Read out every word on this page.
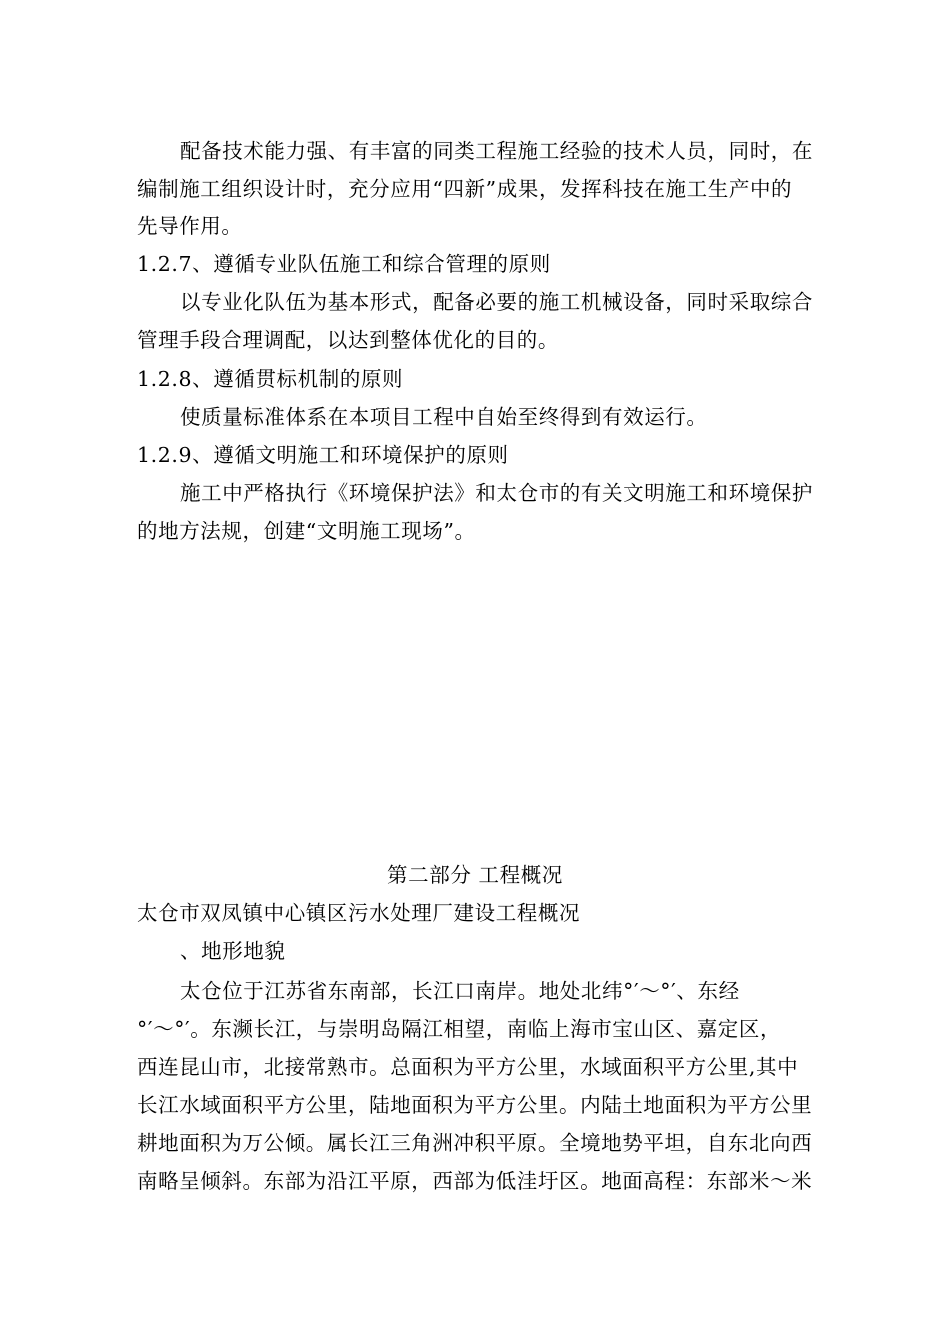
配备技术能力强、有丰富的同类工程施工经验的技术人员，同时，在
编制施工组织设计时，充分应用“四新”成果，发挥科技在施工生产中的
先导作用。
1.2.7、遵循专业队伍施工和综合管理的原则
以专业化队伍为基本形式，配备必要的施工机械设备，同时采取综合
管理手段合理调配，以达到整体优化的目的。
1.2.8、遵循贯标机制的原则
使质量标准体系在本项目工程中自始至终得到有效运行。
1.2.9、遵循文明施工和环境保护的原则
施工中严格执行《环境保护法》和太仓市的有关文明施工和环境保护
的地方法规，创建“文明施工现场”。
第二部分 工程概况
太仓市双凤镇中心镇区污水处理厂建设工程概况
、地形地貌
太仓位于江苏省东南部，长江口南岸。地处北纬°′～°′、东经
°′～°′。东濒长江，与崇明岛隔江相望，南临上海市宝山区、嘉定区，
西连昆山市，北接常熟市。总面积为平方公里，水域面积平方公里,其中
长江水域面积平方公里，陆地面积为平方公里。内陆土地面积为平方公里
耕地面积为万公倾。属长江三角洲冲积平原。全境地势平坦，自东北向西
南略呈倾斜。东部为沿江平原，西部为低洼圩区。地面高程：东部米～米
